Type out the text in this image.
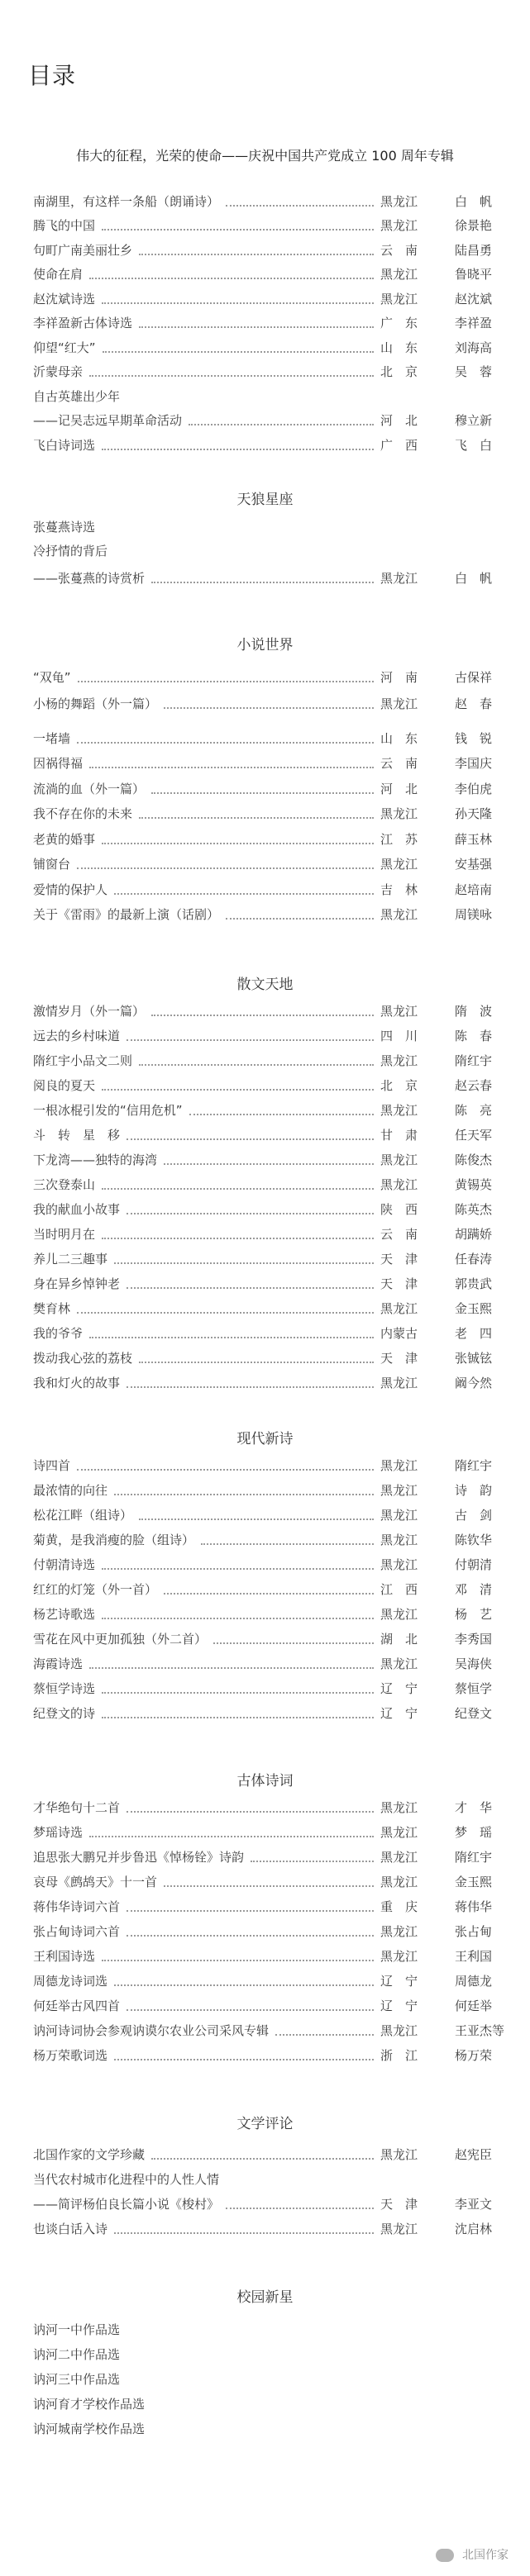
目录
伟大的征程，光荣的使命——庆祝中国共产党成立 100 周年专辑
南湖里，有这样一条船（朗诵诗）	黑龙江	白　帆
腾飞的中国	黑龙江	徐景艳
句町广南美丽壮乡	云　南	陆昌勇
使命在肩	黑龙江	鲁晓平
赵沈斌诗选	黑龙江	赵沈斌
李祥盈新古体诗选	广　东	李祥盈
仰望“红大”	山　东	刘海高
沂蒙母亲	北　京	吴　蓉
自古英雄出少年
——记吴志远早期革命活动	河　北	穆立新
飞白诗词选	广　西	飞　白
天狼星座
张蔓燕诗选
冷抒情的背后
——张蔓燕的诗赏析	黑龙江	白　帆
小说世界
“双龟”	河　南	古保祥
小杨的舞蹈（外一篇）	黑龙江	赵　春
一堵墙	山　东	钱　锐
因祸得福	云　南	李国庆
流淌的血（外一篇）	河　北	李伯虎
我不存在你的未来	黑龙江	孙天隆
老黄的婚事	江　苏	薛玉林
铺窗台	黑龙江	安基强
爱情的保护人	吉　林	赵培南
关于《雷雨》的最新上演（话剧）	黑龙江	周镁咏
散文天地
激情岁月（外一篇）	黑龙江	隋　波
远去的乡村味道	四　川	陈　春
隋红宇小品文二则	黑龙江	隋红宇
阅良的夏天	北　京	赵云春
一根冰棍引发的“信用危机”	黑龙江	陈　亮
斗　转　星　移	甘　肃	任天军
下龙湾——独特的海湾	黑龙江	陈俊杰
三次登泰山	黑龙江	黄锡英
我的献血小故事	陕　西	陈英杰
当时明月在	云　南	胡蹒娇
养儿二三趣事	天　津	任春涛
身在异乡悼钟老	天　津	郭贵武
樊育林	黑龙江	金玉熙
我的爷爷	内蒙古	老　四
拨动我心弦的荔枝	天　津	张铖铉
我和灯火的故事	黑龙江	阚今然
现代新诗
诗四首	黑龙江	隋红宇
最浓情的向往	黑龙江	诗　韵
松花江畔（组诗）	黑龙江	古　剑
菊黄，是我消瘦的脸（组诗）	黑龙江	陈钦华
付朝清诗选	黑龙江	付朝清
红红的灯笼（外一首）	江　西	邓　清
杨艺诗歌选	黑龙江	杨　艺
雪花在风中更加孤独（外二首）	湖　北	李秀国
海霞诗选	黑龙江	吴海侠
蔡恒学诗选	辽　宁	蔡恒学
纪登文的诗	辽　宁	纪登文
古体诗词
才华绝句十二首	黑龙江	才　华
梦瑶诗选	黑龙江	梦　瑶
追思张大鹏兄并步鲁迅《悼杨铨》诗韵	黑龙江	隋红宇
哀母《鹧鸪天》十一首	黑龙江	金玉熙
蒋伟华诗词六首	重　庆	蒋伟华
张占甸诗词六首	黑龙江	张占甸
王利国诗选	黑龙江	王利国
周德龙诗词选	辽　宁	周德龙
何廷举古风四首	辽　宁	何廷举
讷河诗词协会参观讷谟尔农业公司采风专辑	黑龙江	王亚杰等
杨万荣歌词选	浙　江	杨万荣
文学评论
北国作家的文学珍藏	黑龙江	赵宪臣
当代农村城市化进程中的人性人情
——简评杨伯良长篇小说《梭村》	天　津	李亚文
也谈白话入诗	黑龙江	沈启林
校园新星
讷河一中作品选
讷河二中作品选
讷河三中作品选
讷河育才学校作品选
讷河城南学校作品选
北国作家
